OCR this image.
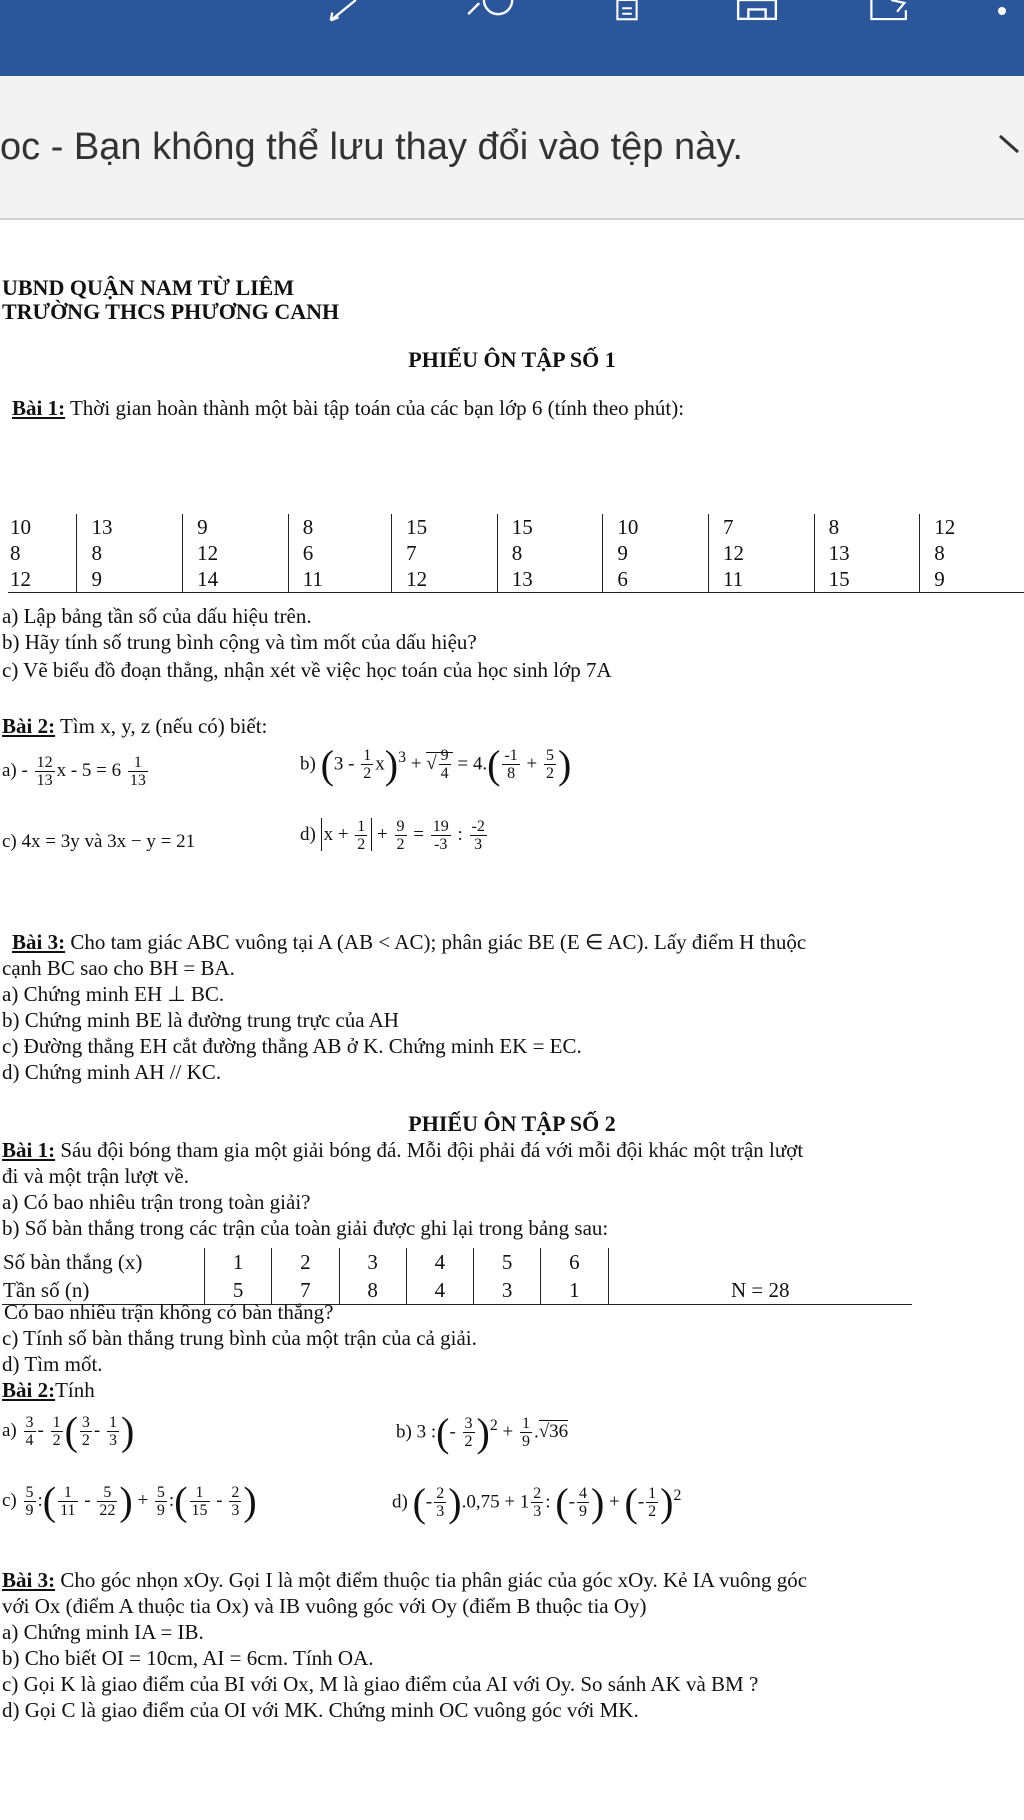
oc - Bạn không thể lưu thay đổi vào tệp này.
UBND QUẬN NAM TỪ LIÊM
TRƯỜNG THCS PHƯƠNG CANH
PHIẾU ÔN TẬP SỐ 1
Bài 1: Thời gian hoàn thành một bài tập toán của các bạn lớp 6 (tính theo phút):
10	13	9	8	15	15	10	7	8	12
8	8	12	6	7	8	9	12	13	8
12	9	14	11	12	13	6	11	15	9
a) Lập bảng tần số của dấu hiệu trên.
b) Hãy tính số trung bình cộng và tìm mốt của dấu hiệu?
c) Vẽ biểu đồ đoạn thẳng, nhận xét về việc học toán của học sinh lớp 7A
Bài 2: Tìm x, y, z (nếu có) biết:
$a) - \frac{12}{13}$ $x - 5 = 6 \frac{1}{13}$	b) $(3 - \frac{1}{2} x)^3$ + √ $\frac{9}{4} = 4.( \frac{-1}{8} + \frac{5}{2}$ )
c) 4x = 3y và 3x − y = 21	d) $x + \frac{1}{2} + \frac{9}{2} = \frac{19}{-3}$ : $\frac{-2}{3}$
Bài 3: Cho tam giác ABC vuông tại A (AB < AC); phân giác BE (E ∈ AC). Lấy điểm H thuộc
cạnh BC sao cho BH = BA.
a) Chứng minh EH ⊥ BC.
b) Chứng minh BE là đường trung trực của AH
c) Đường thẳng EH cắt đường thẳng AB ở K. Chứng minh EK = EC.
d) Chứng minh AH // KC.
PHIẾU ÔN TẬP SỐ 2
Bài 1: Sáu đội bóng tham gia một giải bóng đá. Mỗi đội phải đá với mỗi đội khác một trận lượt
đi và một trận lượt về.
a) Có bao nhiêu trận trong toàn giải?
b) Số bàn thắng trong các trận của toàn giải được ghi lại trong bảng sau:
Số bàn thắng (x)	1	2	3	4	5	6	
Tần số (n)	5	7	8	4	3	1	N = 28
Có bao nhiêu trận không có bàn thắng?
c) Tính số bàn thắng trung bình của một trận của cả giải.
d) Tìm mốt.
Bài 2:Tính
$a) \frac{3}{4} - \frac{1}{2}$ ( $\frac{3}{2} - \frac{1}{3}$ )	b) 3 :(- $\frac{3}{2} )^2 + \frac{1}{9} .√36$
$c) \frac{5}{9}$ :( $\frac{1}{11} - \frac{5}{22}$ ) + $\frac{5}{9}$ :( $\frac{1}{15} - \frac{2}{3}$ )	d) (- $\frac{2}{3} ).0,75 + 1 \frac{2}{3}$ : (- $\frac{4}{9}$ ) + (- $\frac{1}{2} )^2$
Bài 3: Cho góc nhọn xOy. Gọi I là một điểm thuộc tia phân giác của góc xOy. Kẻ IA vuông góc
với Ox (điểm A thuộc tia Ox) và IB vuông góc với Oy (điểm B thuộc tia Oy)
a) Chứng minh IA = IB.
b) Cho biết OI = 10cm, AI = 6cm. Tính OA.
c) Gọi K là giao điểm của BI với Ox, M là giao điểm của AI với Oy. So sánh AK và BM ?
d) Gọi C là giao điểm của OI với MK. Chứng minh OC vuông góc với MK.
